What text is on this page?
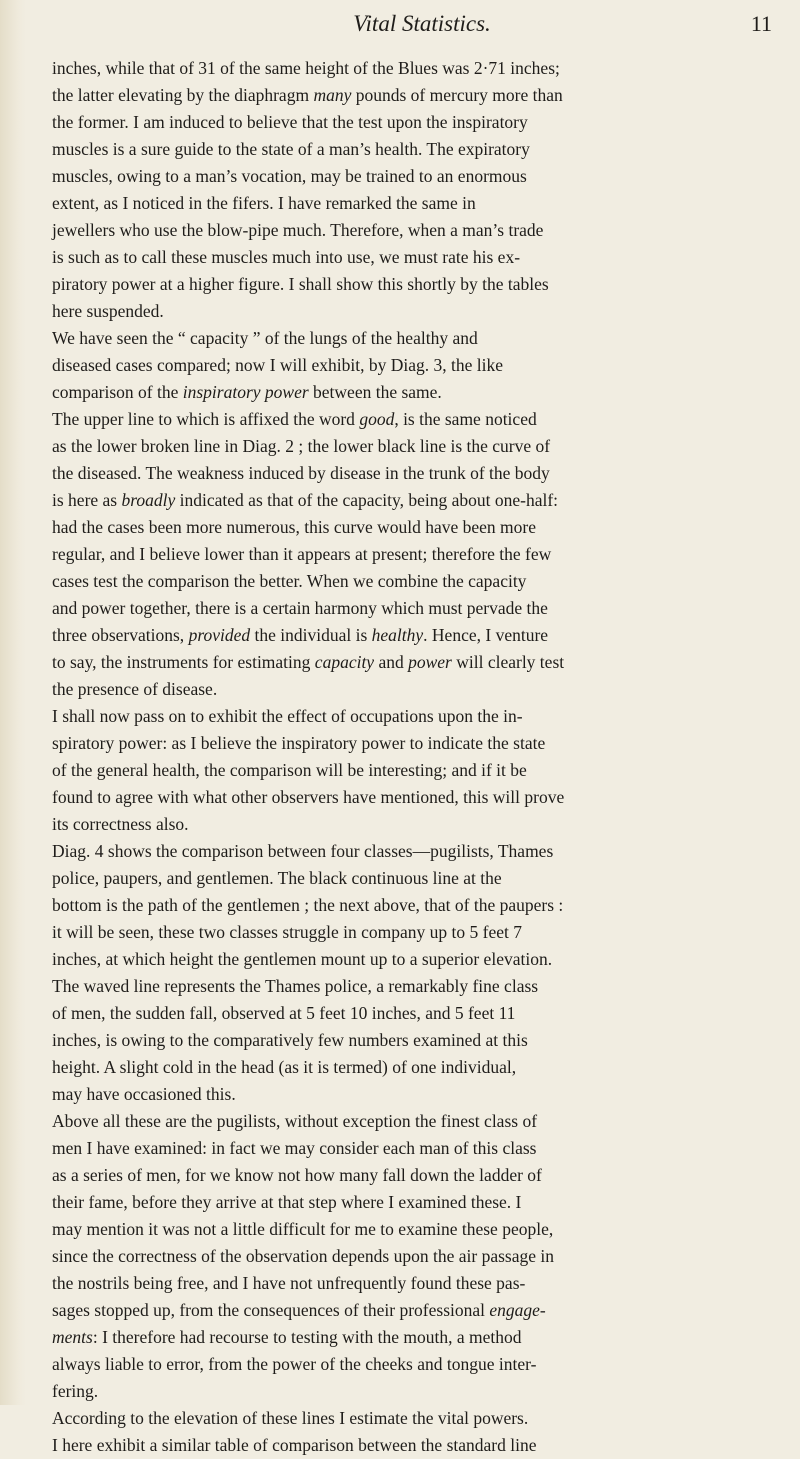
Vital Statistics.	11
inches, while that of 31 of the same height of the Blues was 2·71 inches;
the latter elevating by the diaphragm many pounds of mercury more than
the former. I am induced to believe that the test upon the inspiratory
muscles is a sure guide to the state of a man’s health. The expiratory
muscles, owing to a man’s vocation, may be trained to an enormous
extent, as I noticed in the fifers. I have remarked the same in
jewellers who use the blow-pipe much. Therefore, when a man’s trade
is such as to call these muscles much into use, we must rate his ex-
piratory power at a higher figure. I shall show this shortly by the tables
here suspended.
We have seen the “ capacity ” of the lungs of the healthy and
diseased cases compared; now I will exhibit, by Diag. 3, the like
comparison of the inspiratory power between the same.
The upper line to which is affixed the word good, is the same noticed
as the lower broken line in Diag. 2 ; the lower black line is the curve of
the diseased. The weakness induced by disease in the trunk of the body
is here as broadly indicated as that of the capacity, being about one-half:
had the cases been more numerous, this curve would have been more
regular, and I believe lower than it appears at present; therefore the few
cases test the comparison the better. When we combine the capacity
and power together, there is a certain harmony which must pervade the
three observations, provided the individual is healthy. Hence, I venture
to say, the instruments for estimating capacity and power will clearly test
the presence of disease.
I shall now pass on to exhibit the effect of occupations upon the in-
spiratory power: as I believe the inspiratory power to indicate the state
of the general health, the comparison will be interesting; and if it be
found to agree with what other observers have mentioned, this will prove
its correctness also.
Diag. 4 shows the comparison between four classes—pugilists, Thames
police, paupers, and gentlemen. The black continuous line at the
bottom is the path of the gentlemen ; the next above, that of the paupers :
it will be seen, these two classes struggle in company up to 5 feet 7
inches, at which height the gentlemen mount up to a superior elevation.
The waved line represents the Thames police, a remarkably fine class
of men, the sudden fall, observed at 5 feet 10 inches, and 5 feet 11
inches, is owing to the comparatively few numbers examined at this
height. A slight cold in the head (as it is termed) of one individual,
may have occasioned this.
Above all these are the pugilists, without exception the finest class of
men I have examined: in fact we may consider each man of this class
as a series of men, for we know not how many fall down the ladder of
their fame, before they arrive at that step where I examined these. I
may mention it was not a little difficult for me to examine these people,
since the correctness of the observation depends upon the air passage in
the nostrils being free, and I have not unfrequently found these pas-
sages stopped up, from the consequences of their professional engage-
ments: I therefore had recourse to testing with the mouth, a method
always liable to error, from the power of the cheeks and tongue inter-
fering.
According to the elevation of these lines I estimate the vital powers.
I here exhibit a similar table of comparison between the standard line
